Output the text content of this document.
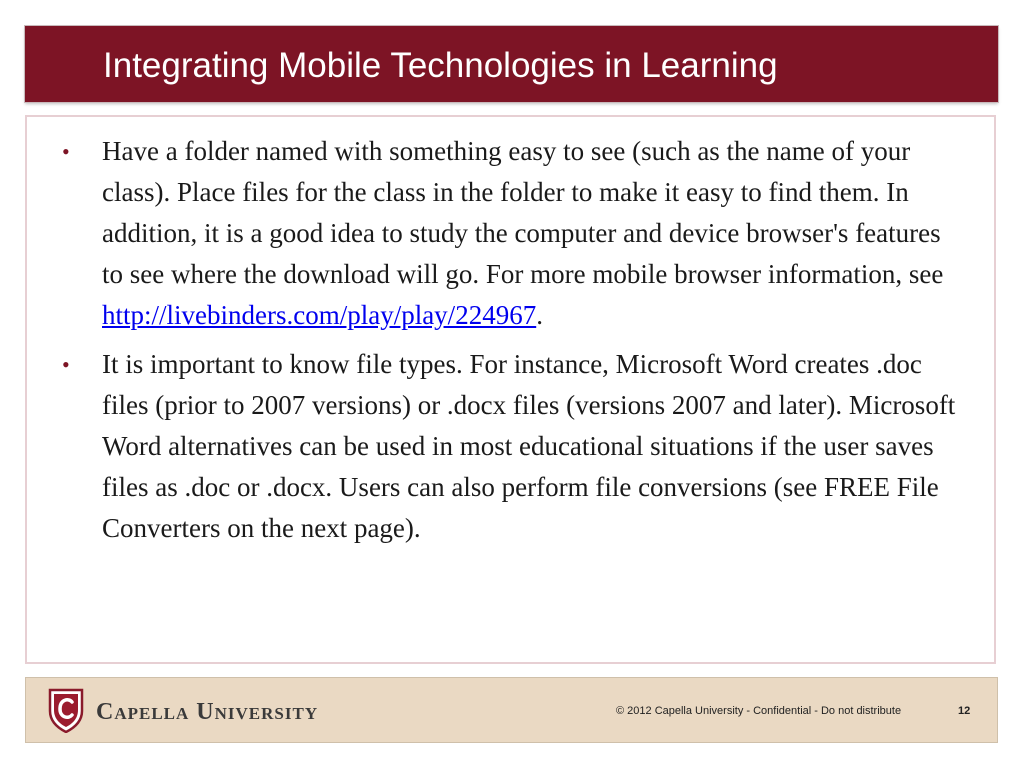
Integrating Mobile Technologies in Learning
•	Have a folder named with something easy to see (such as the name of your class). Place files for the class in the folder to make it easy to find them. In addition, it is a good idea to study the computer and device browser's features to see where the download will go. For more mobile browser information, see http://livebinders.com/play/play/224967.
•	It is important to know file types. For instance, Microsoft Word creates .doc files (prior to 2007 versions) or .docx files (versions 2007 and later). Microsoft Word alternatives can be used in most educational situations if the user saves files as .doc or .docx. Users can also perform file conversions (see FREE File Converters on the next page).
Capella University	© 2012 Capella University - Confidential - Do not distribute	12
